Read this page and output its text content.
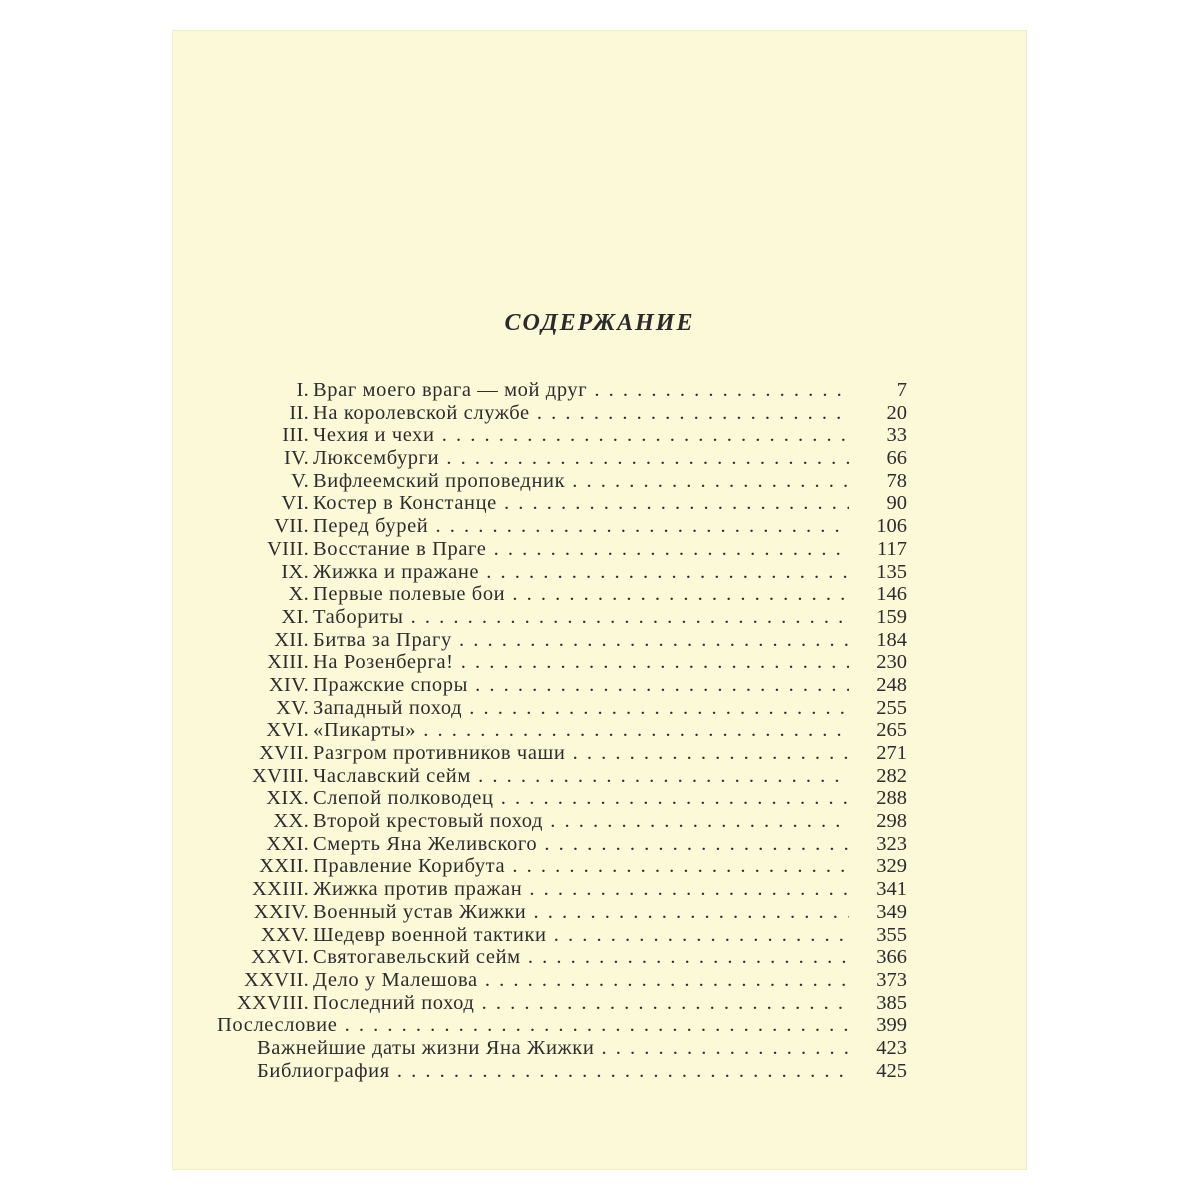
СОДЕРЖАНИЕ
I. Враг моего врага — мой друг . .	7
II. На королевской службе . .	20
III. Чехия и чехи . .	33
IV. Люксембурги . .	66
V. Вифлеемский проповедник . .	78
VI. Костер в Констанце . .	90
VII. Перед бурей . .	106
VIII. Восстание в Праге . .	117
IX. Жижка и пражане . .	135
X. Первые полевые бои . .	146
XI. Табориты . .	159
XII. Битва за Прагу . .	184
XIII. На Розенберга! . .	230
XIV. Пражские споры . .	248
XV. Западный поход . .	255
XVI. «Пикарты» . .	265
XVII. Разгром противников чаши . .	271
XVIII. Чаславский сейм . .	282
XIX. Слепой полководец . .	288
XX. Второй крестовый поход . .	298
XXI. Смерть Яна Желивского . .	323
XXII. Правление Корибута . .	329
XXIII. Жижка против пражан . .	341
XXIV. Военный устав Жижки . .	349
XXV. Шедевр военной тактики . .	355
XXVI. Святогавельский сейм . .	366
XXVII. Дело у Малешова . .	373
XXVIII. Последний поход . .	385
Послесловие . .	399
Важнейшие даты жизни Яна Жижки . .	423
Библиография . .	425
